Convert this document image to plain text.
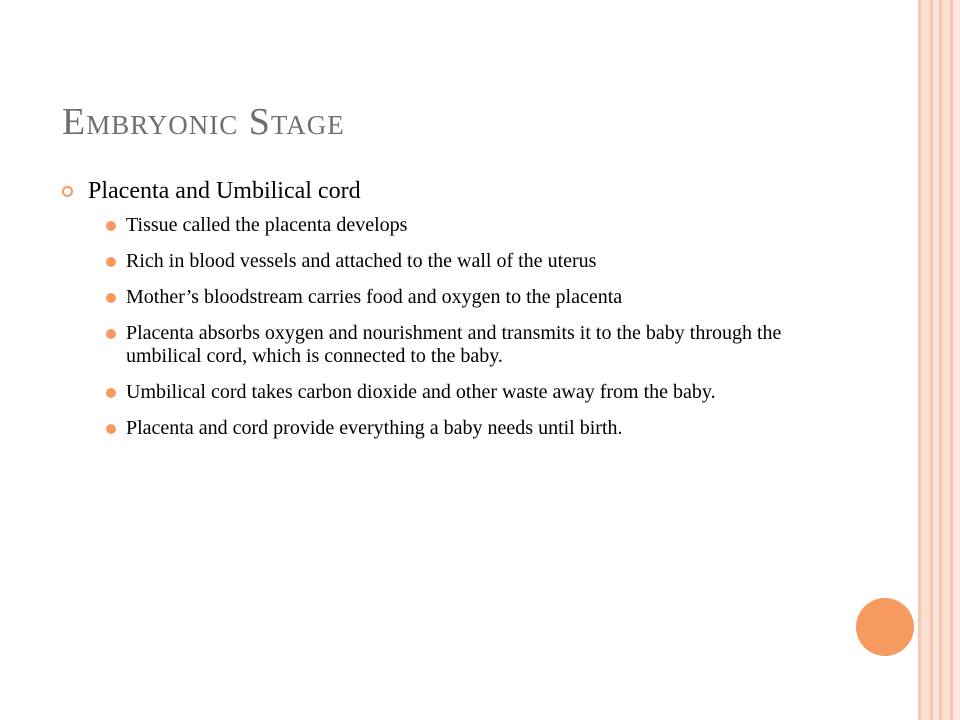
Embryonic Stage
Placenta and Umbilical cord
Tissue called the placenta develops
Rich in blood vessels and attached to the wall of the uterus
Mother’s bloodstream carries food and oxygen to the placenta
Placenta absorbs oxygen and nourishment and transmits it to the baby through the umbilical cord, which is connected to the baby.
Umbilical cord takes carbon dioxide and other waste away from the baby.
Placenta and cord provide everything a baby needs until birth.
